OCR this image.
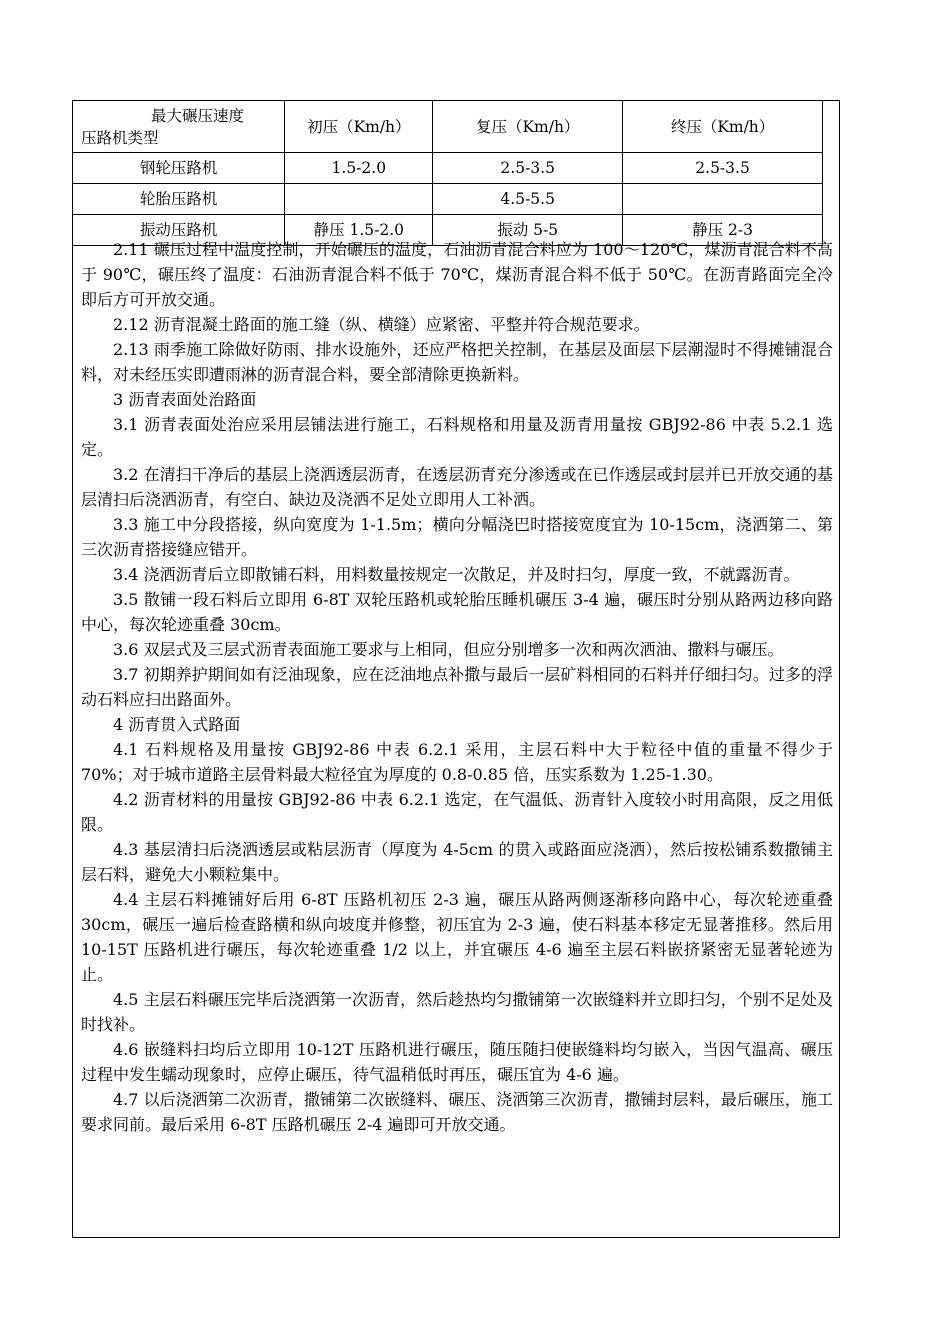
最大碾压速度
压路机类型	初压（Km/h）	复压（Km/h）	终压（Km/h）
钢轮压路机	1.5-2.0	2.5-3.5	2.5-3.5
轮胎压路机		4.5-5.5	
振动压路机	静压 1.5-2.0	振动 5-5	静压 2-3

2.11 碾压过程中温度控制，开始碾压的温度，石油沥青混合料应为 100～120℃，煤沥青混合料不高于 90℃，碾压终了温度：石油沥青混合料不低于 70℃，煤沥青混合料不低于 50℃。在沥青路面完全冷即后方可开放交通。

2.12 沥青混凝土路面的施工缝（纵、横缝）应紧密、平整并符合规范要求。

2.13 雨季施工除做好防雨、排水设施外，还应严格把关控制，在基层及面层下层潮湿时不得摊铺混合料，对未经压实即遭雨淋的沥青混合料，要全部清除更换新料。

3 沥青表面处治路面

3.1 沥青表面处治应采用层铺法进行施工，石料规格和用量及沥青用量按 GBJ92-86 中表 5.2.1 选定。

3.2 在清扫干净后的基层上浇洒透层沥青，在透层沥青充分渗透或在已作透层或封层并已开放交通的基层清扫后浇洒沥青，有空白、缺边及浇洒不足处立即用人工补洒。

3.3 施工中分段搭接，纵向宽度为 1-1.5m；横向分幅浇巴时搭接宽度宜为 10-15cm，浇洒第二、第三次沥青搭接缝应错开。

3.4 浇洒沥青后立即散铺石料，用料数量按规定一次散足，并及时扫匀，厚度一致，不就露沥青。

3.5 散铺一段石料后立即用 6-8T 双轮压路机或轮胎压睡机碾压 3-4 遍，碾压时分别从路两边移向路中心，每次轮迹重叠 30cm。

3.6 双层式及三层式沥青表面施工要求与上相同，但应分别增多一次和两次洒油、撒料与碾压。

3.7 初期养护期间如有泛油现象，应在泛油地点补撒与最后一层矿料相同的石料并仔细扫匀。过多的浮动石料应扫出路面外。

4 沥青贯入式路面

4.1 石料规格及用量按 GBJ92-86 中表 6.2.1 采用，主层石料中大于粒径中值的重量不得少于 70%；对于城市道路主层骨料最大粒径宜为厚度的 0.8-0.85 倍，压实系数为 1.25-1.30。

4.2 沥青材料的用量按 GBJ92-86 中表 6.2.1 选定，在气温低、沥青针入度较小时用高限，反之用低限。

4.3 基层清扫后浇洒透层或粘层沥青（厚度为 4-5cm 的贯入或路面应浇洒），然后按松铺系数撒铺主层石料，避免大小颗粒集中。

4.4 主层石料摊铺好后用 6-8T 压路机初压 2-3 遍，碾压从路两侧逐渐移向路中心，每次轮迹重叠 30cm，碾压一遍后检查路横和纵向坡度并修整，初压宜为 2-3 遍，使石料基本移定无显著推移。然后用 10-15T 压路机进行碾压，每次轮迹重叠 1/2 以上，并宜碾压 4-6 遍至主层石料嵌挤紧密无显著轮迹为止。

4.5 主层石料碾压完毕后浇洒第一次沥青，然后趁热均匀撒铺第一次嵌缝料并立即扫匀，个别不足处及时找补。

4.6 嵌缝料扫均后立即用 10-12T 压路机进行碾压，随压随扫使嵌缝料均匀嵌入，当因气温高、碾压过程中发生蠕动现象时，应停止碾压，待气温稍低时再压，碾压宜为 4-6 遍。

4.7 以后浇洒第二次沥青，撒铺第二次嵌缝料、碾压、浇洒第三次沥青，撒铺封层料，最后碾压，施工要求同前。最后采用 6-8T 压路机碾压 2-4 遍即可开放交通。
